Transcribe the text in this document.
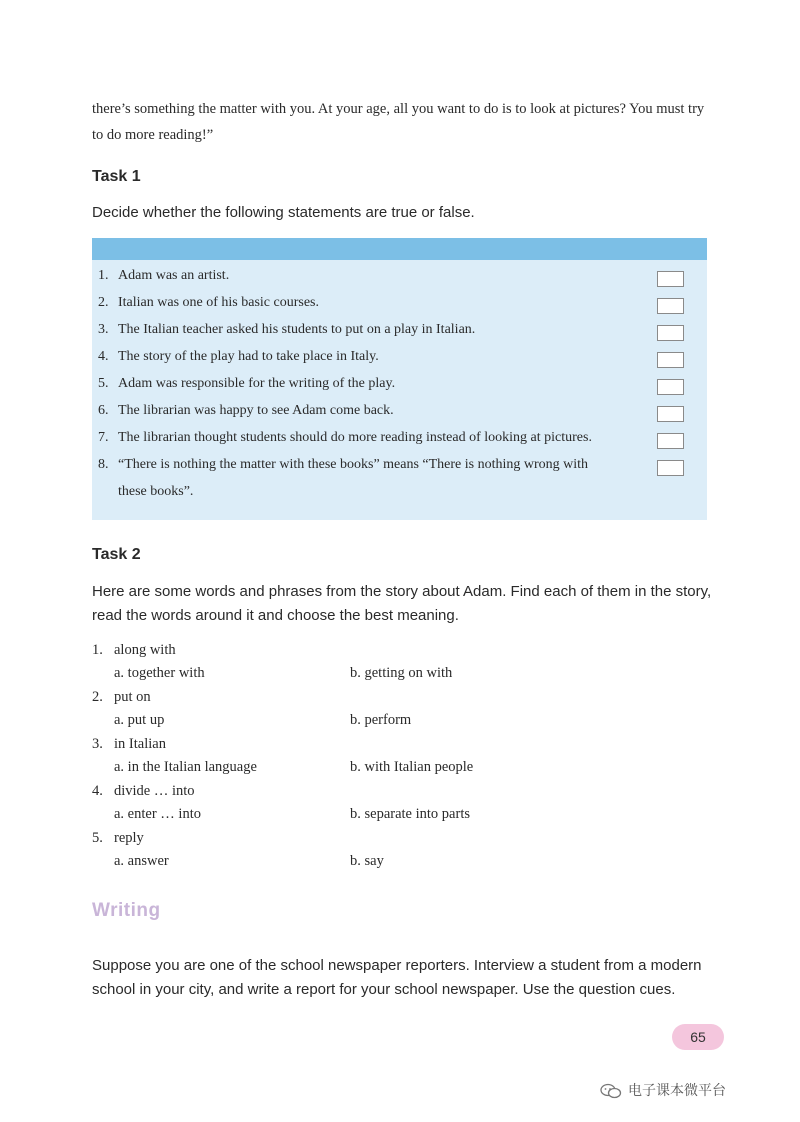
there’s something the matter with you. At your age, all you want to do is to look at pictures? You must try
to do more reading!”
Task 1
Decide whether the following statements are true or false.
1. Adam was an artist.
2. Italian was one of his basic courses.
3. The Italian teacher asked his students to put on a play in Italian.
4. The story of the play had to take place in Italy.
5. Adam was responsible for the writing of the play.
6. The librarian was happy to see Adam come back.
7. The librarian thought students should do more reading instead of looking at pictures.
8. “There is nothing the matter with these books” means “There is nothing wrong with
these books”.
Task 2
Here are some words and phrases from the story about Adam. Find each of them in the story,
read the words around it and choose the best meaning.
1. along with
a. together with	b. getting on with
2. put on
a. put up	b. perform
3. in Italian
a. in the Italian language	b. with Italian people
4. divide … into
a. enter … into	b. separate into parts
5. reply
a. answer	b. say
Writing
Suppose you are one of the school newspaper reporters. Interview a student from a modern
school in your city, and write a report for your school newspaper. Use the question cues.
65
电子课本微平台
